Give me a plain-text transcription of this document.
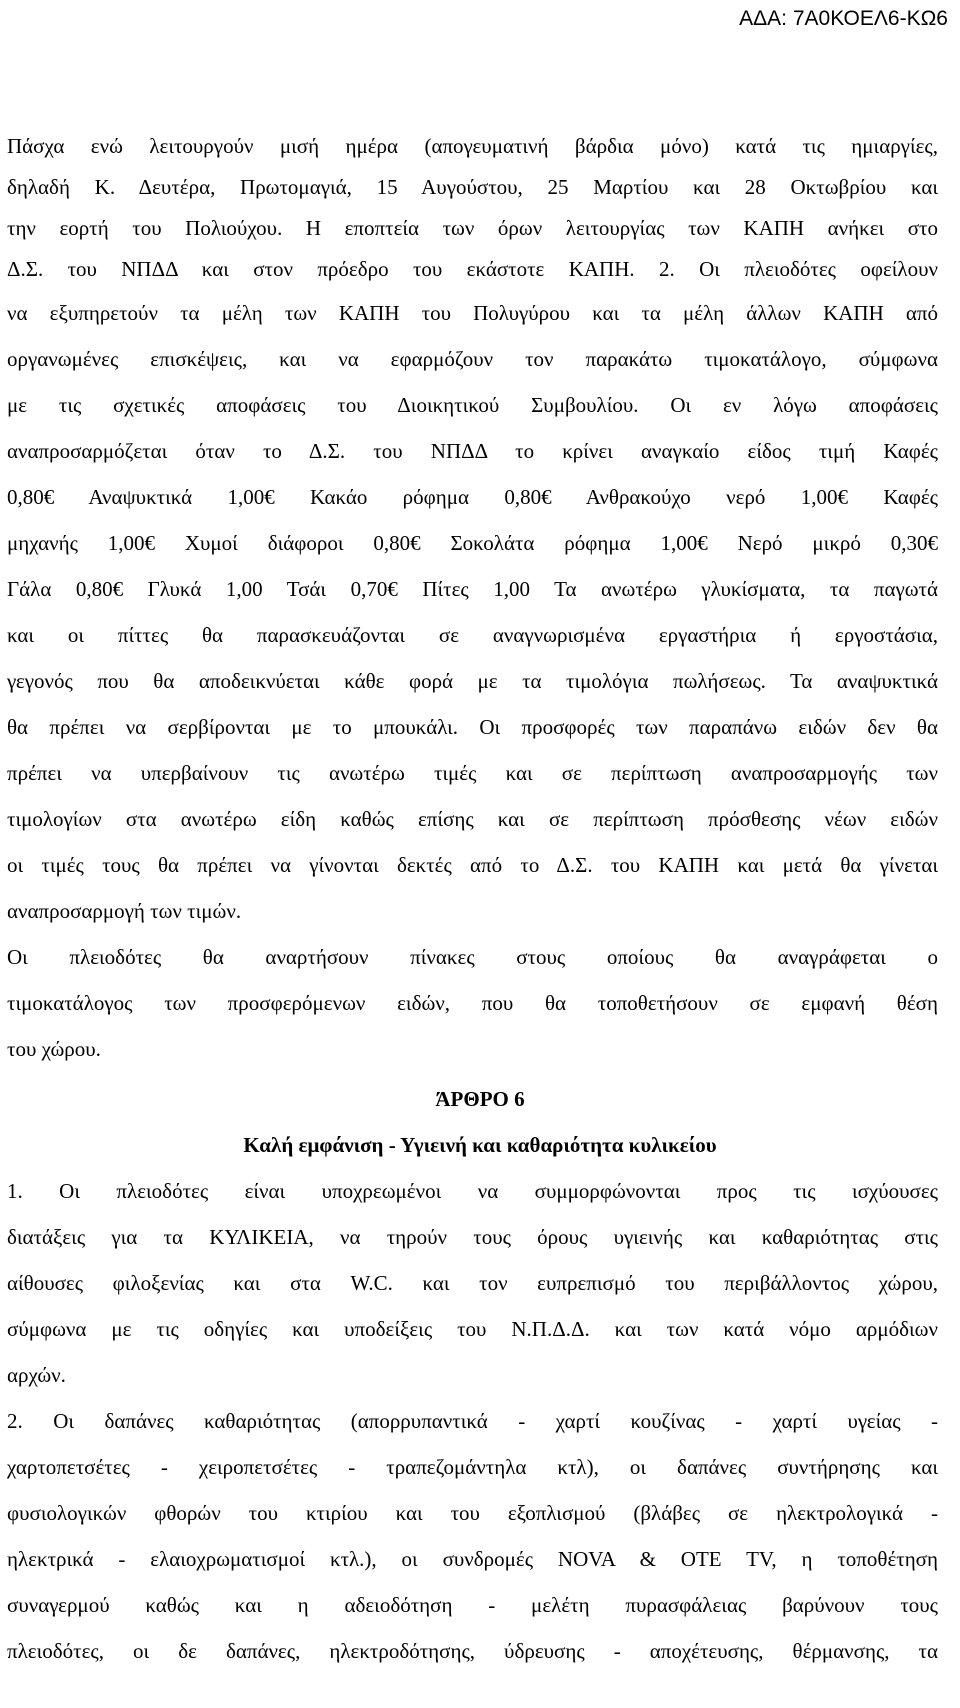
ΑΔΑ: 7Α0ΚΟΕΛ6-ΚΩ6
Πάσχα ενώ λειτουργούν μισή ημέρα (απογευματινή βάρδια μόνο) κατά τις ημιαργίες,
δηλαδή Κ. Δευτέρα, Πρωτομαγιά, 15 Αυγούστου, 25 Μαρτίου και 28 Οκτωβρίου και
την εορτή του Πολιούχου. Η εποπτεία των όρων λειτουργίας των ΚΑΠΗ ανήκει στο
Δ.Σ. του ΝΠΔΔ και στον πρόεδρο του εκάστοτε ΚΑΠΗ. 2. Οι πλειοδότες οφείλουν
να εξυπηρετούν τα μέλη των ΚΑΠΗ του Πολυγύρου και τα μέλη άλλων ΚΑΠΗ από
οργανωμένες επισκέψεις, και να εφαρμόζουν τον παρακάτω τιμοκατάλογο, σύμφωνα
με τις σχετικές αποφάσεις του Διοικητικού Συμβουλίου. Οι εν λόγω αποφάσεις
αναπροσαρμόζεται όταν το Δ.Σ. του ΝΠΔΔ το κρίνει αναγκαίο είδος τιμή Καφές
0,80€ Αναψυκτικά 1,00€ Κακάο ρόφημα 0,80€ Ανθρακούχο νερό 1,00€ Καφές
μηχανής 1,00€ Χυμοί διάφοροι 0,80€ Σοκολάτα ρόφημα 1,00€ Νερό μικρό 0,30€
Γάλα 0,80€ Γλυκά 1,00 Τσάι 0,70€ Πίτες 1,00 Τα ανωτέρω γλυκίσματα, τα παγωτά
και οι πίττες θα παρασκευάζονται σε αναγνωρισμένα εργαστήρια ή εργοστάσια,
γεγονός που θα αποδεικνύεται κάθε φορά με τα τιμολόγια πωλήσεως. Τα αναψυκτικά
θα πρέπει να σερβίρονται με το μπουκάλι. Οι προσφορές των παραπάνω ειδών δεν θα
πρέπει να υπερβαίνουν τις ανωτέρω τιμές και σε περίπτωση αναπροσαρμογής των
τιμολογίων στα ανωτέρω είδη καθώς επίσης και σε περίπτωση πρόσθεσης νέων ειδών
οι τιμές τους θα πρέπει να γίνονται δεκτές από το Δ.Σ. του ΚΑΠΗ και μετά θα γίνεται
αναπροσαρμογή των τιμών.
Οι πλειοδότες θα αναρτήσουν πίνακες στους οποίους θα αναγράφεται ο
τιμοκατάλογος των προσφερόμενων ειδών, που θα τοποθετήσουν σε εμφανή θέση
του χώρου.
ΆΡΘΡΟ 6
Καλή εμφάνιση - Υγιεινή και καθαριότητα κυλικείου
1. Οι πλειοδότες είναι υποχρεωμένοι να συμμορφώνονται προς τις ισχύουσες
διατάξεις για τα ΚΥΛΙΚΕΙΑ, να τηρούν τους όρους υγιεινής και καθαριότητας στις
αίθουσες φιλοξενίας και στα W.C. και τον ευπρεπισμό του περιβάλλοντος χώρου,
σύμφωνα με τις οδηγίες και υποδείξεις του Ν.Π.Δ.Δ. και των κατά νόμο αρμόδιων
αρχών.
2. Οι δαπάνες καθαριότητας (απορρυπαντικά - χαρτί κουζίνας - χαρτί υγείας -
χαρτοπετσέτες - χειροπετσέτες - τραπεζομάντηλα κτλ), οι δαπάνες συντήρησης και
φυσιολογικών φθορών του κτιρίου και του εξοπλισμού (βλάβες σε ηλεκτρολογικά -
ηλεκτρικά - ελαιοχρωματισμοί κτλ.), οι συνδρομές NOVA & OTE TV, η τοποθέτηση
συναγερμού καθώς και η αδειοδότηση - μελέτη πυρασφάλειας βαρύνουν τους
πλειοδότες, οι δε δαπάνες, ηλεκτροδότησης, ύδρευσης - αποχέτευσης, θέρμανσης, τα
